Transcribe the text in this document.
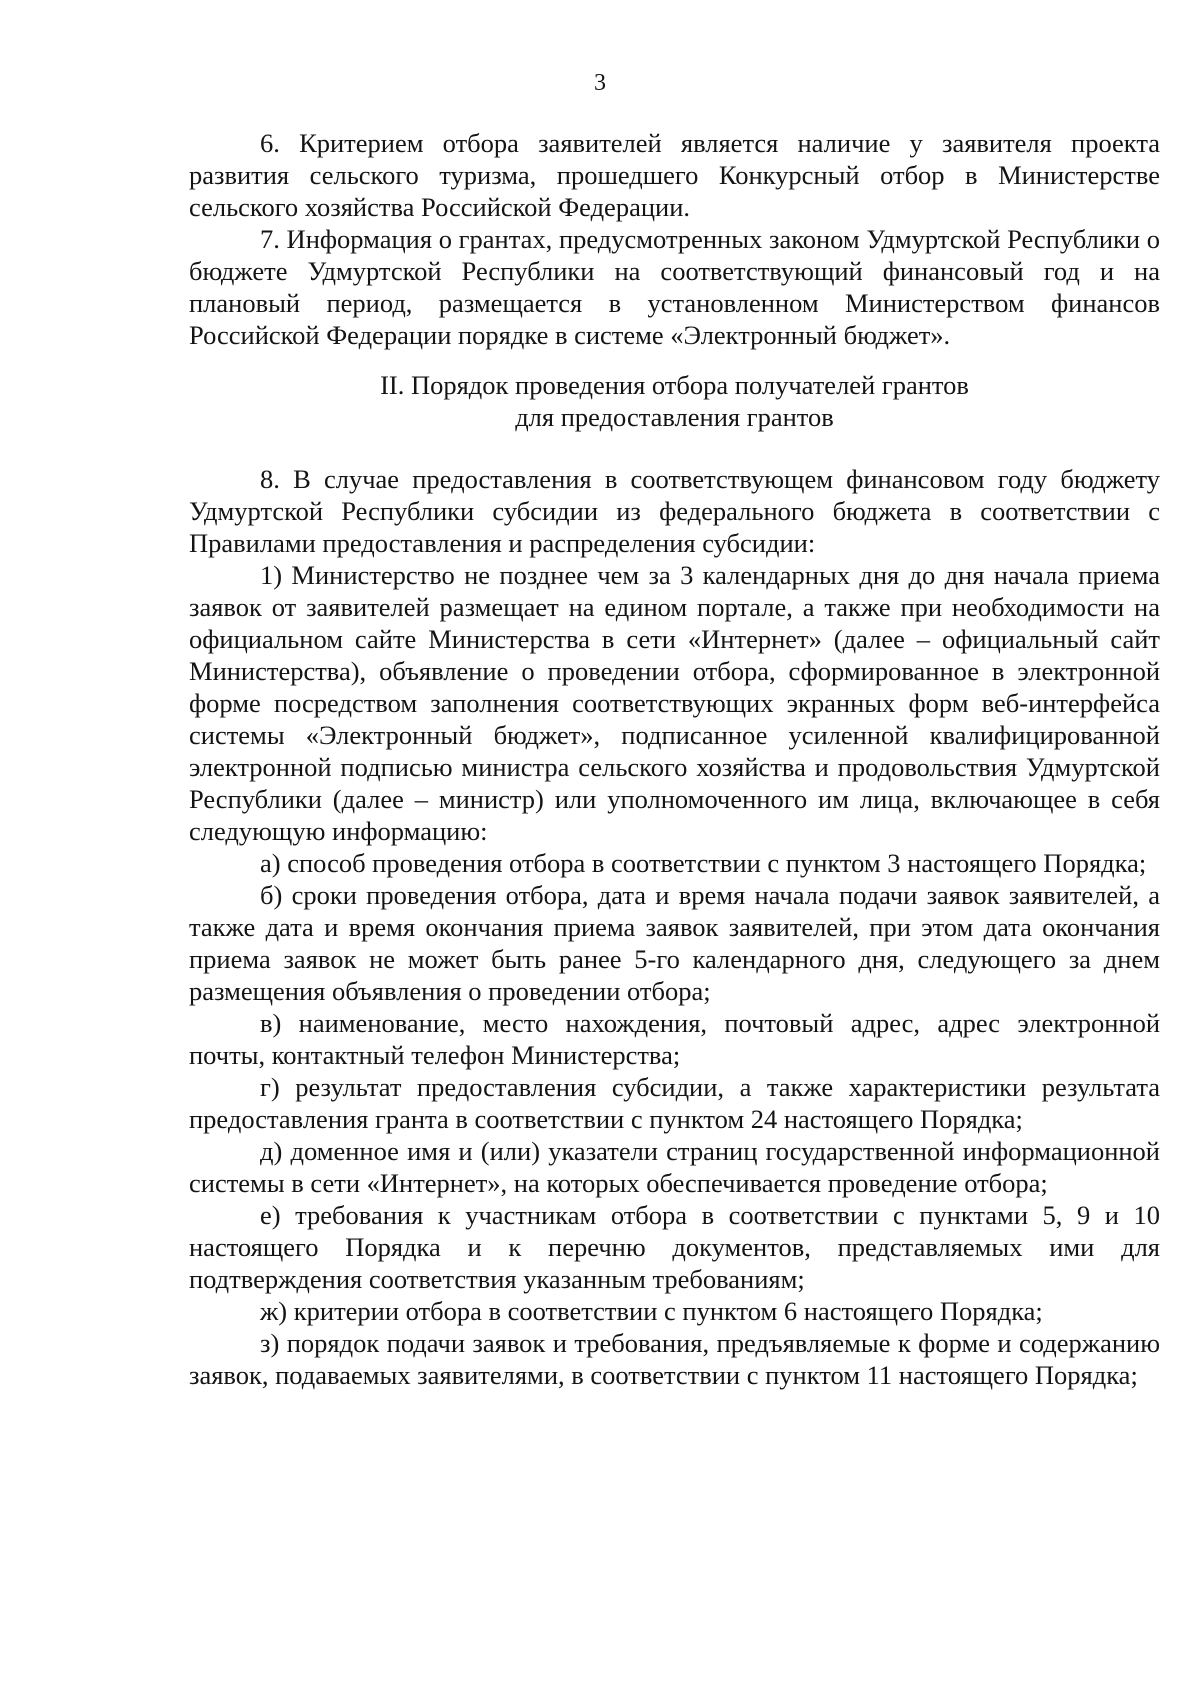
3

6. Критерием отбора заявителей является наличие у заявителя проекта развития сельского туризма, прошедшего Конкурсный отбор в Министерстве сельского хозяйства Российской Федерации.

7. Информация о грантах, предусмотренных законом Удмуртской Республики о бюджете Удмуртской Республики на соответствующий финансовый год и на плановый период, размещается в установленном Министерством финансов Российской Федерации порядке в системе «Электронный бюджет».

II. Порядок проведения отбора получателей грантов
для предоставления грантов

8. В случае предоставления в соответствующем финансовом году бюджету Удмуртской Республики субсидии из федерального бюджета в соответствии с Правилами предоставления и распределения субсидии:

1) Министерство не позднее чем за 3 календарных дня до дня начала приема заявок от заявителей размещает на едином портале, а также при необходимости на официальном сайте Министерства в сети «Интернет» (далее – официальный сайт Министерства), объявление о проведении отбора, сформированное в электронной форме посредством заполнения соответствующих экранных форм веб-интерфейса системы «Электронный бюджет», подписанное усиленной квалифицированной электронной подписью министра сельского хозяйства и продовольствия Удмуртской Республики (далее – министр) или уполномоченного им лица, включающее в себя следующую информацию:

а) способ проведения отбора в соответствии с пунктом 3 настоящего Порядка;

б) сроки проведения отбора, дата и время начала подачи заявок заявителей, а также дата и время окончания приема заявок заявителей, при этом дата окончания приема заявок не может быть ранее 5-го календарного дня, следующего за днем размещения объявления о проведении отбора;

в) наименование, место нахождения, почтовый адрес, адрес электронной почты, контактный телефон Министерства;

г) результат предоставления субсидии, а также характеристики результата предоставления гранта в соответствии с пунктом 24 настоящего Порядка;

д) доменное имя и (или) указатели страниц государственной информационной системы в сети «Интернет», на которых обеспечивается проведение отбора;

е) требования к участникам отбора в соответствии с пунктами 5, 9 и 10 настоящего Порядка и к перечню документов, представляемых ими для подтверждения соответствия указанным требованиям;

ж) критерии отбора в соответствии с пунктом 6 настоящего Порядка;

з) порядок подачи заявок и требования, предъявляемые к форме и содержанию заявок, подаваемых заявителями, в соответствии с пунктом 11 настоящего Порядка;
